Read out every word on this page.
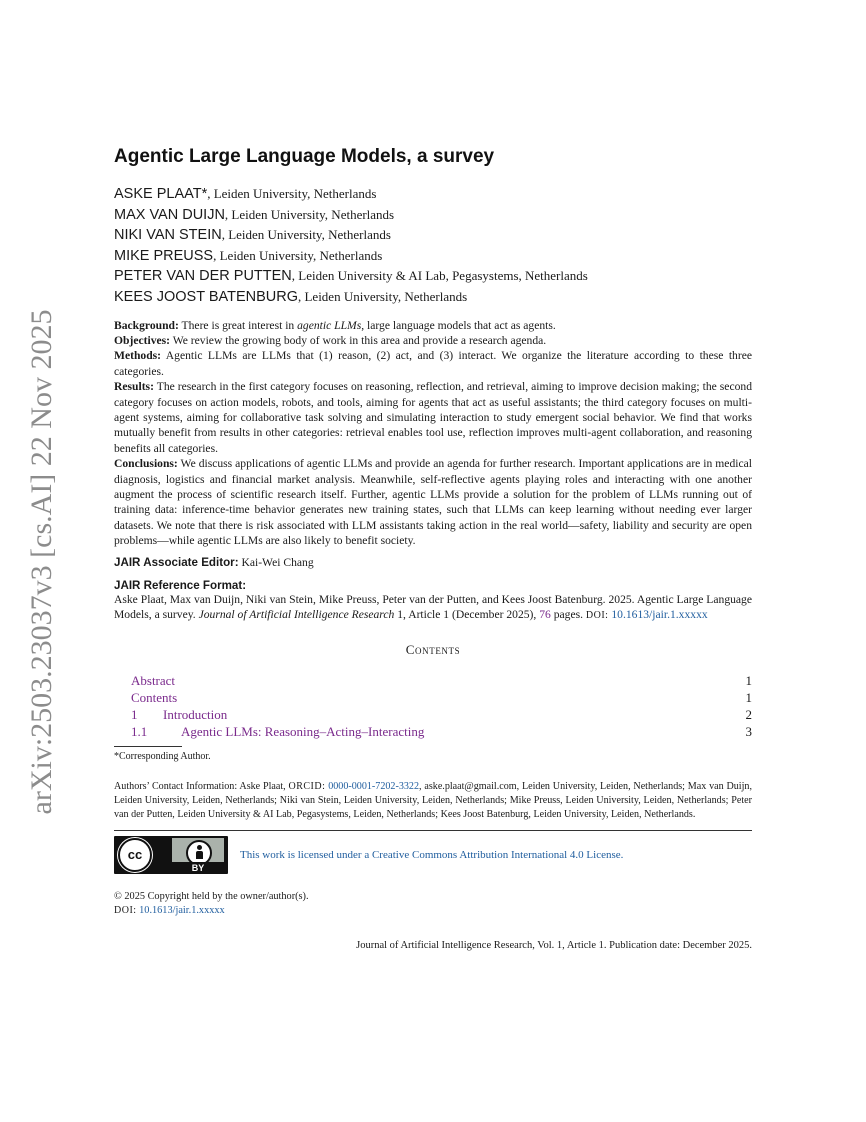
arXiv:2503.23037v3 [cs.AI] 22 Nov 2025
Agentic Large Language Models, a survey

ASKE PLAAT*, Leiden University, Netherlands

MAX VAN DUIJN, Leiden University, Netherlands

NIKI VAN STEIN, Leiden University, Netherlands

MIKE PREUSS, Leiden University, Netherlands

PETER VAN DER PUTTEN, Leiden University & AI Lab, Pegasystems, Netherlands

KEES JOOST BATENBURG, Leiden University, Netherlands

Background: There is great interest in agentic LLMs, large language models that act as agents.

Objectives: We review the growing body of work in this area and provide a research agenda.

Methods: Agentic LLMs are LLMs that (1) reason, (2) act, and (3) interact. We organize the literature according to these three categories.

Results: The research in the first category focuses on reasoning, reflection, and retrieval, aiming to improve decision making; the second category focuses on action models, robots, and tools, aiming for agents that act as useful assistants; the third category focuses on multi-agent systems, aiming for collaborative task solving and simulating interaction to study emergent social behavior. We find that works mutually benefit from results in other categories: retrieval enables tool use, reflection improves multi-agent collaboration, and reasoning benefits all categories.

Conclusions: We discuss applications of agentic LLMs and provide an agenda for further research. Important applications are in medical diagnosis, logistics and financial market analysis. Meanwhile, self-reflective agents playing roles and interacting with one another augment the process of scientific research itself. Further, agentic LLMs provide a solution for the problem of LLMs running out of training data: inference-time behavior generates new training states, such that LLMs can keep learning without needing ever larger datasets. We note that there is risk associated with LLM assistants taking action in the real world—safety, liability and security are open problems—while agentic LLMs are also likely to benefit society.

JAIR Associate Editor: Kai-Wei Chang

JAIR Reference Format:

Aske Plaat, Max van Duijn, Niki van Stein, Mike Preuss, Peter van der Putten, and Kees Joost Batenburg. 2025. Agentic Large Language Models, a survey. Journal of Artificial Intelligence Research 1, Article 1 (December 2025), 76 pages. DOI: 10.1613/jair.1.xxxxx

Contents
Abstract	1
Contents	1
1	Introduction	2
1.1	Agentic LLMs: Reasoning–Acting–Interacting	3

*Corresponding Author.

Authors’ Contact Information: Aske Plaat, ORCID: 0000-0001-7202-3322, aske.plaat@gmail.com, Leiden University, Leiden, Netherlands; Max van Duijn, Leiden University, Leiden, Netherlands; Niki van Stein, Leiden University, Leiden, Netherlands; Mike Preuss, Leiden University, Leiden, Netherlands; Peter van der Putten, Leiden University & AI Lab, Pegasystems, Leiden, Netherlands; Kees Joost Batenburg, Leiden University, Leiden, Netherlands.

cc
BY
This work is licensed under a Creative Commons Attribution International 4.0 License.

© 2025 Copyright held by the owner/author(s).
DOI: 10.1613/jair.1.xxxxx

Journal of Artificial Intelligence Research, Vol. 1, Article 1. Publication date: December 2025.
